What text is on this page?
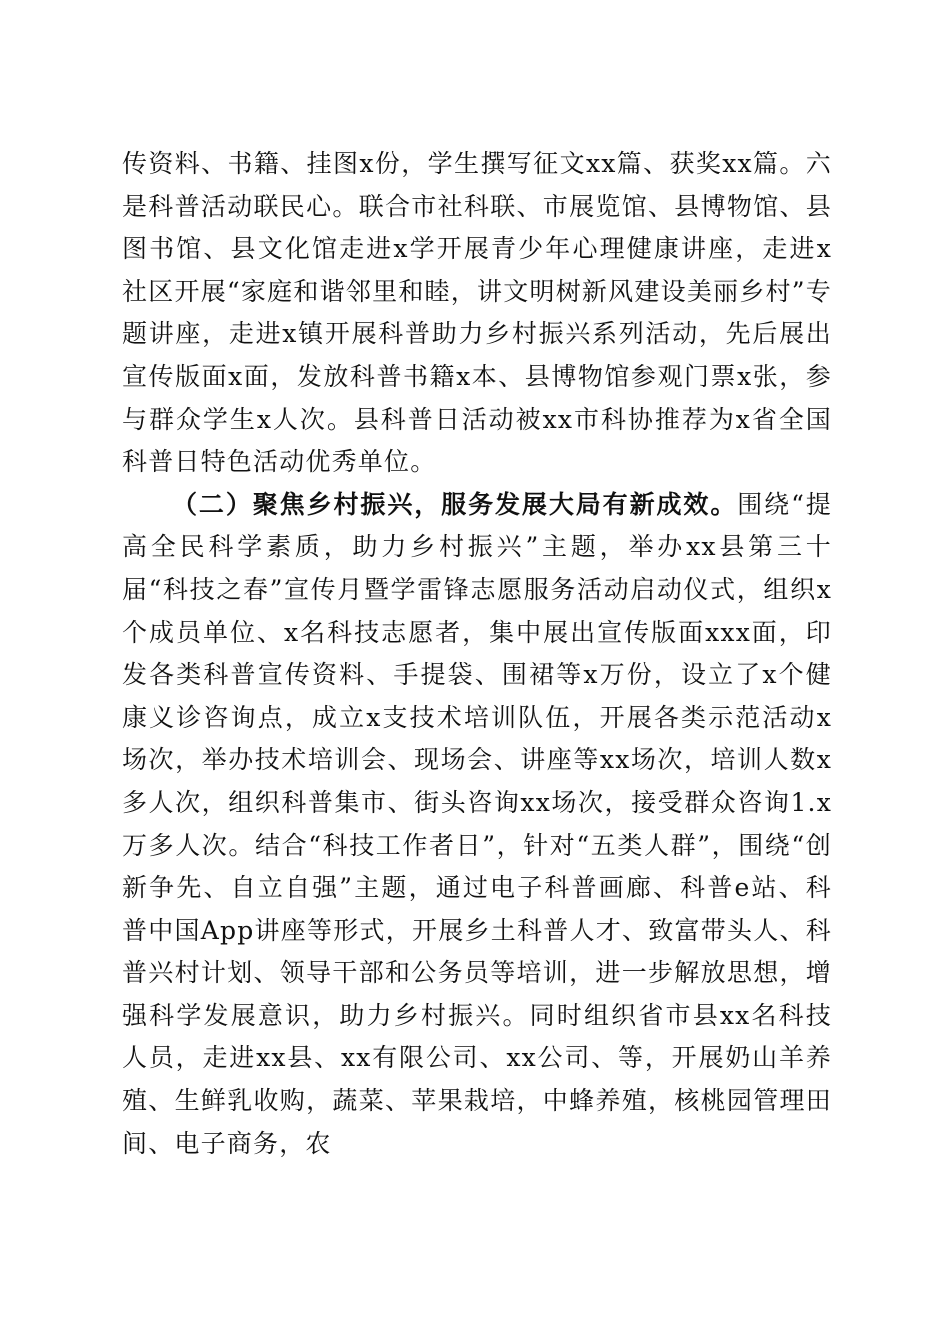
传资料、书籍、挂图x份，学生撰写征文xx篇、获奖xx篇。六是科普活动联民心。联合市社科联、市展览馆、县博物馆、县图书馆、县文化馆走进x学开展青少年心理健康讲座，走进x社区开展“家庭和谐邻里和睦，讲文明树新风建设美丽乡村”专题讲座，走进x镇开展科普助力乡村振兴系列活动，先后展出宣传版面x面，发放科普书籍x本、县博物馆参观门票x张，参与群众学生x人次。县科普日活动被xx市科协推荐为x省全国科普日特色活动优秀单位。

（二）聚焦乡村振兴，服务发展大局有新成效。围绕“提高全民科学素质，助力乡村振兴”主题，举办xx县第三十届“科技之春”宣传月暨学雷锋志愿服务活动启动仪式，组织x个成员单位、x名科技志愿者，集中展出宣传版面xxx面，印发各类科普宣传资料、手提袋、围裙等x万份，设立了x个健康义诊咨询点，成立x支技术培训队伍，开展各类示范活动x场次，举办技术培训会、现场会、讲座等xx场次，培训人数x多人次，组织科普集市、街头咨询xx场次，接受群众咨询1.x万多人次。结合“科技工作者日”，针对“五类人群”，围绕“创新争先、自立自强”主题，通过电子科普画廊、科普e站、科普中国App讲座等形式，开展乡土科普人才、致富带头人、科普兴村计划、领导干部和公务员等培训，进一步解放思想，增强科学发展意识，助力乡村振兴。同时组织省市县xx名科技人员，走进xx县、xx有限公司、xx公司、等，开展奶山羊养殖、生鲜乳收购，蔬菜、苹果栽培，中蜂养殖，核桃园管理田间、电子商务，农
